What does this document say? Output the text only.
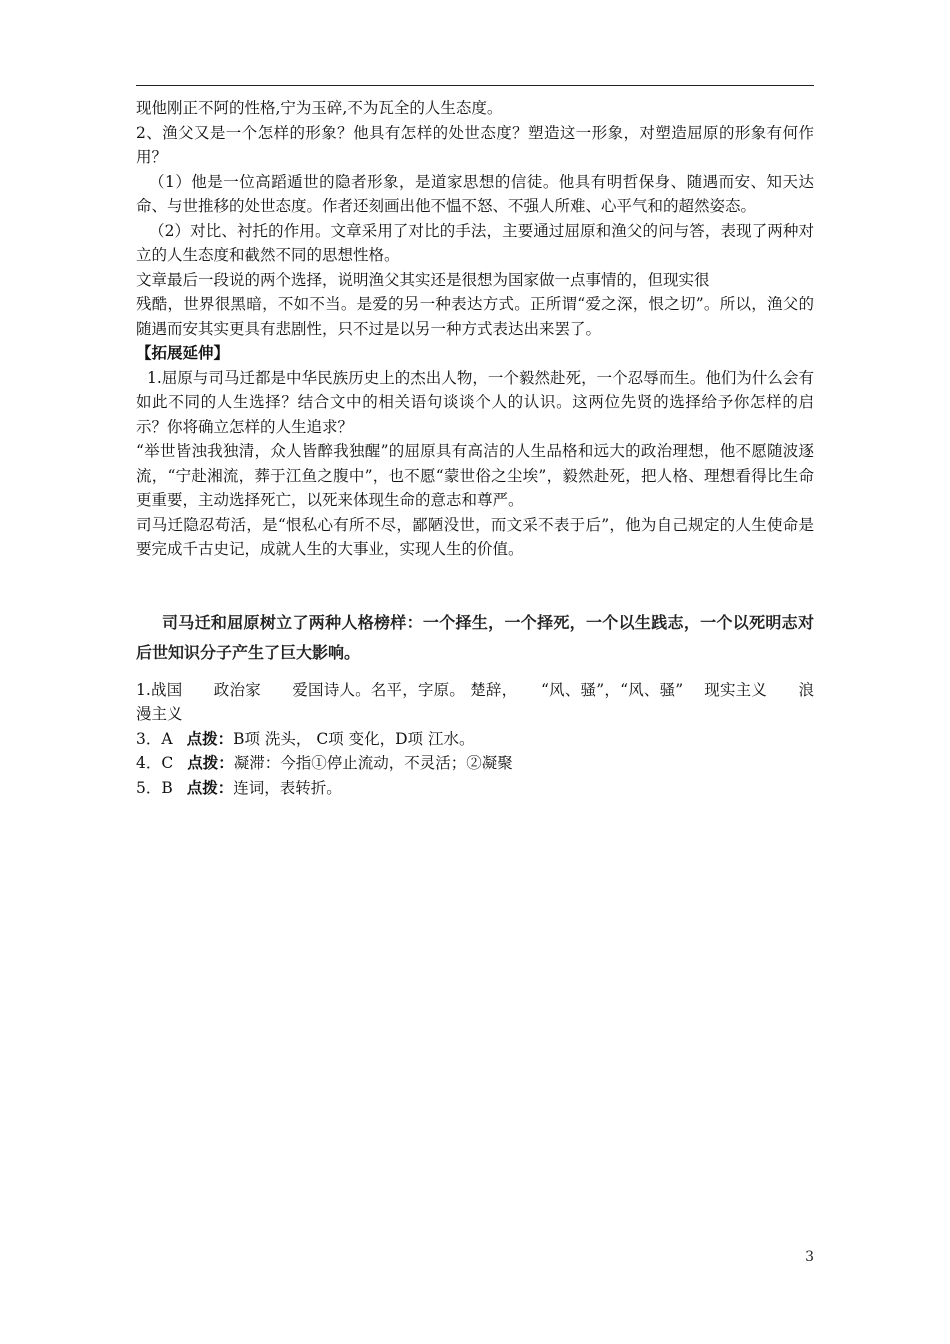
现他刚正不阿的性格,宁为玉碎,不为瓦全的人生态度。

2、渔父又是一个怎样的形象？他具有怎样的处世态度？塑造这一形象，对塑造屈原的形象有何作用？

（1）他是一位高蹈遁世的隐者形象，是道家思想的信徒。他具有明哲保身、随遇而安、知天达命、与世推移的处世态度。作者还刻画出他不愠不怒、不强人所难、心平气和的超然姿态。

（2）对比、衬托的作用。文章采用了对比的手法，主要通过屈原和渔父的问与答，表现了两种对立的人生态度和截然不同的思想性格。

文章最后一段说的两个选择，说明渔父其实还是很想为国家做一点事情的，但现实很

残酷，世界很黑暗，不如不当。是爱的另一种表达方式。正所谓“爱之深，恨之切”。所以，渔父的随遇而安其实更具有悲剧性，只不过是以另一种方式表达出来罢了。

【拓展延伸】

1.屈原与司马迁都是中华民族历史上的杰出人物，一个毅然赴死，一个忍辱而生。他们为什么会有如此不同的人生选择？结合文中的相关语句谈谈个人的认识。这两位先贤的选择给予你怎样的启示？你将确立怎样的人生追求？

“举世皆浊我独清，众人皆醉我独醒”的屈原具有高洁的人生品格和远大的政治理想，他不愿随波逐流，“宁赴湘流，葬于江鱼之腹中”，也不愿“蒙世俗之尘埃”，毅然赴死，把人格、理想看得比生命更重要，主动选择死亡，以死来体现生命的意志和尊严。

司马迁隐忍苟活，是“恨私心有所不尽，鄙陋没世，而文采不表于后”，他为自己规定的人生使命是要完成千古史记，成就人生的大事业，实现人生的价值。

司马迁和屈原树立了两种人格榜样：一个择生，一个择死，一个以生践志，一个以死明志对后世知识分子产生了巨大影响。

1.战国　　政治家　　爱国诗人。名平，字原。 楚辞，　　“风、骚”，“风、骚”　 现实主义　　浪漫主义

3．A 点拨：B项 洗头， C项 变化，D项 江水。

4．C 点拨：凝滞：今指①停止流动，不灵活；②凝聚

5．B 点拨：连词，表转折。

3
